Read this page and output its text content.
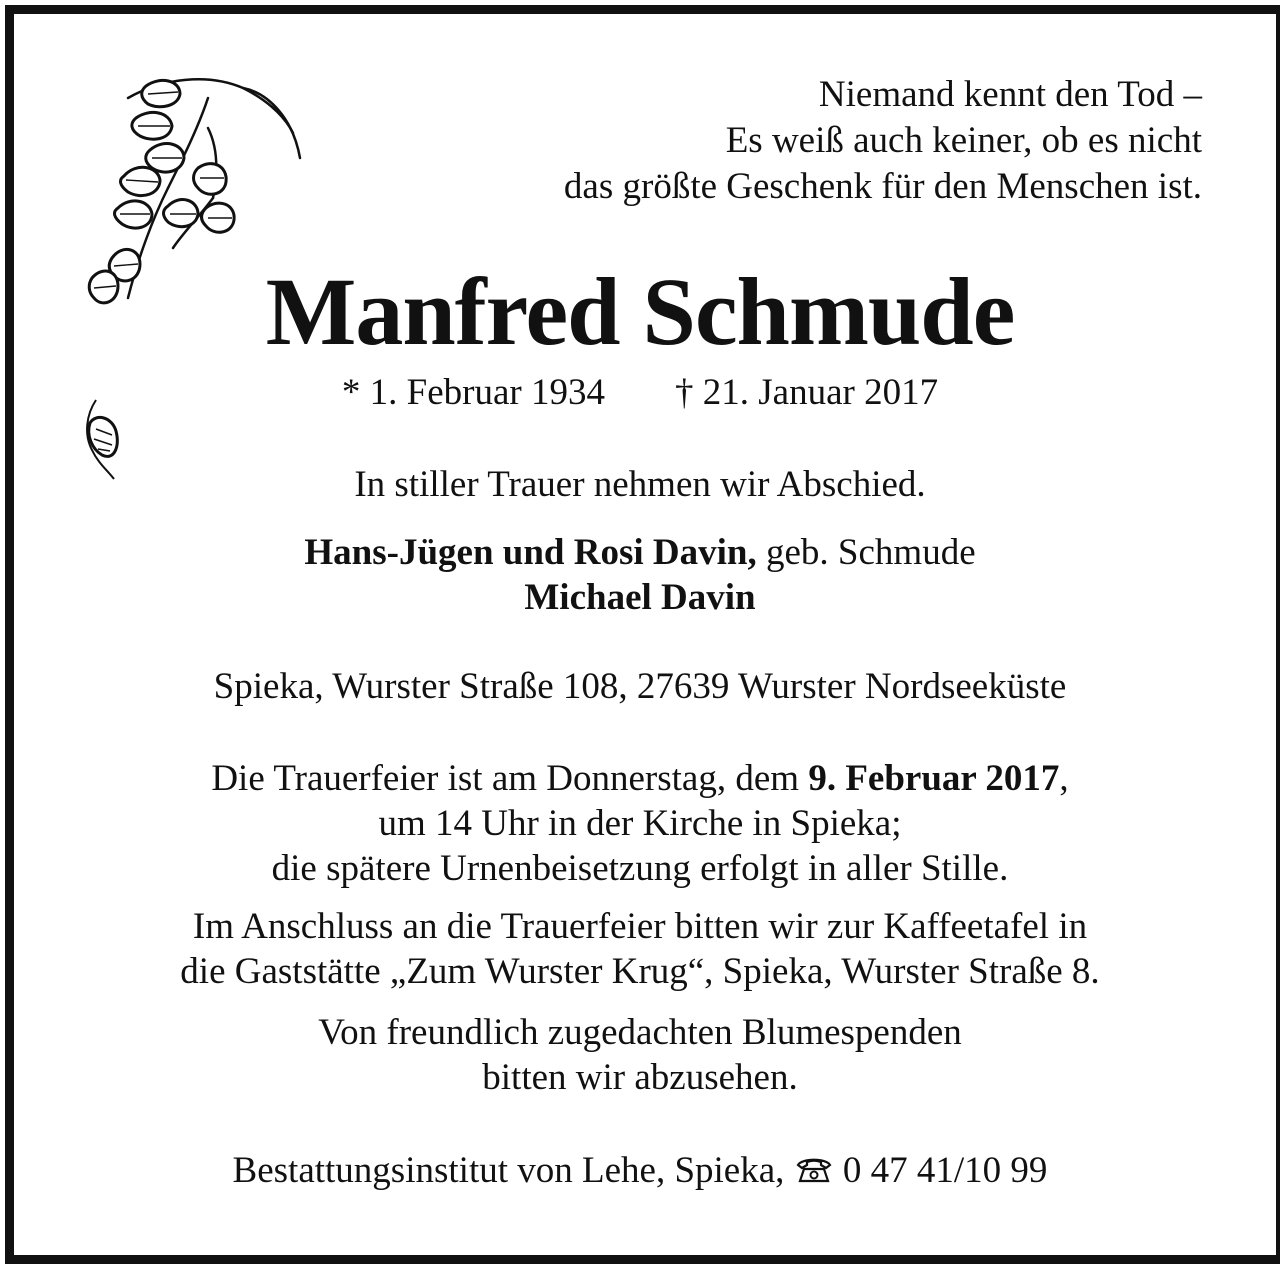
Niemand kennt den Tod –
Es weiß auch keiner, ob es nicht
das größte Geschenk für den Menschen ist.
Manfred Schmude
* 1. Februar 1934 † 21. Januar 2017
In stiller Trauer nehmen wir Abschied.
Hans-Jügen und Rosi Davin, geb. Schmude
Michael Davin
Spieka, Wurster Straße 108, 27639 Wurster Nordseeküste
Die Trauerfeier ist am Donnerstag, dem 9. Februar 2017,
um 14 Uhr in der Kirche in Spieka;
die spätere Urnenbeisetzung erfolgt in aller Stille.
Im Anschluss an die Trauerfeier bitten wir zur Kaffeetafel in
die Gaststätte „Zum Wurster Krug“, Spieka, Wurster Straße 8.
Von freundlich zugedachten Blumespenden
bitten wir abzusehen.
Bestattungsinstitut von Lehe, Spieka,  0 47 41/10 99
